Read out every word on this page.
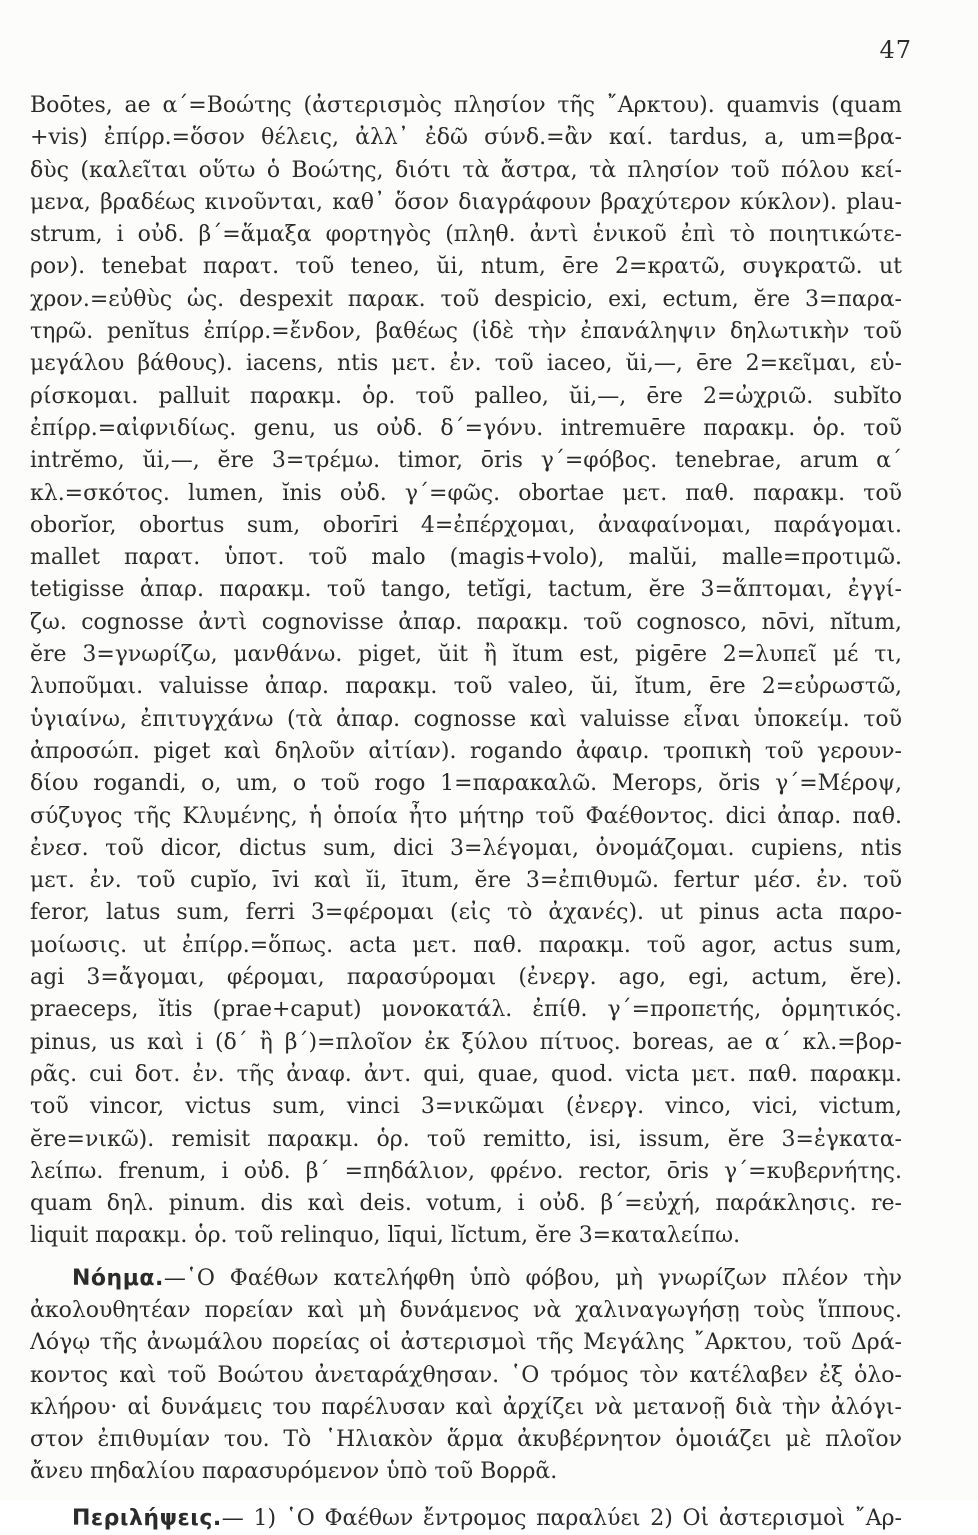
47
Boōtes, ae α΄=Βοώτης (ἀστερισμὸς πλησίον τῆς ῎Αρκτου). quamvis (quam
+vis) ἐπίρρ.=ὅσον θέλεις, ἀλλ᾽ ἐδῶ σύνδ.=ἂν καί. tardus, a, um=βρα-
δὺς (καλεῖται οὕτω ὁ Βοώτης, διότι τὰ ἄστρα, τὰ πλησίον τοῦ πόλου κεί-
μενα, βραδέως κινοῦνται, καθ᾽ ὅσον διαγράφουν βραχύτερον κύκλον). plau-
strum, i οὐδ. β΄=ἅμαξα φορτηγὸς (πληθ. ἀντὶ ἑνικοῦ ἐπὶ τὸ ποιητικώτε-
ρον). tenebat παρατ. τοῦ teneo, ŭi, ntum, ēre 2=κρατῶ, συγκρατῶ. ut
χρον.=εὐθὺς ὡς. despexit παρακ. τοῦ despicio, exi, ectum, ĕre 3=παρα-
τηρῶ. penĭtus ἐπίρρ.=ἔνδον, βαθέως (ἰδὲ τὴν ἐπανάληψιν δηλωτικὴν τοῦ
μεγάλου βάθους). iacens, ntis μετ. ἐν. τοῦ iaceo, ŭi,—, ēre 2=κεῖμαι, εὑ-
ρίσκομαι. palluit παρακμ. ὁρ. τοῦ palleo, ŭi,—, ēre 2=ὠχριῶ. subĭto
ἐπίρρ.=αἰφνιδίως. genu, us οὐδ. δ΄=γόνυ. intremuēre παρακμ. ὁρ. τοῦ
intrĕmo, ŭi,—, ĕre 3=τρέμω. timor, ōris γ΄=φόβος. tenebrae, arum α΄
κλ.=σκότος. lumen, ĭnis οὐδ. γ΄=φῶς. obortae μετ. παθ. παρακμ. τοῦ
oborĭor, obortus sum, oborīri 4=ἐπέρχομαι, ἀναφαίνομαι, παράγομαι.
mallet παρατ. ὑποτ. τοῦ malo (magis+volo), malŭi, malle=προτιμῶ.
tetigisse ἀπαρ. παρακμ. τοῦ tango, tetĭgi, tactum, ĕre 3=ἅπτομαι, ἐγγί-
ζω. cognosse ἀντὶ cognovisse ἀπαρ. παρακμ. τοῦ cognosco, nōvi, nĭtum,
ĕre 3=γνωρίζω, μανθάνω. piget, ŭit ἢ ĭtum est, pigēre 2=λυπεῖ μέ τι,
λυποῦμαι. valuisse ἀπαρ. παρακμ. τοῦ valeo, ŭi, ĭtum, ēre 2=εὐρωστῶ,
ὑγιαίνω, ἐπιτυγχάνω (τὰ ἀπαρ. cognosse καὶ valuisse εἶναι ὑποκείμ. τοῦ
ἀπροσώπ. piget καὶ δηλοῦν αἰτίαν). rogando ἀφαιρ. τροπικὴ τοῦ γερουν-
δίου rogandi, o, um, ο τοῦ rogo 1=παρακαλῶ. Merops, ŏris γ΄=Μέροψ,
σύζυγος τῆς Κλυμένης, ἡ ὁποία ἦτο μήτηρ τοῦ Φαέθοντος. dici ἀπαρ. παθ.
ἐνεσ. τοῦ dicor, dictus sum, dici 3=λέγομαι, ὀνομάζομαι. cupiens, ntis
μετ. ἐν. τοῦ cupĭo, īvi καὶ ĭi, ītum, ĕre 3=ἐπιθυμῶ. fertur μέσ. ἐν. τοῦ
feror, latus sum, ferri 3=φέρομαι (εἰς τὸ ἀχανές). ut pinus acta παρο-
μοίωσις. ut ἐπίρρ.=ὅπως. acta μετ. παθ. παρακμ. τοῦ agor, actus sum,
agi 3=ἄγομαι, φέρομαι, παρασύρομαι (ἐνεργ. ago, egi, actum, ĕre).
praeceps, ĭtis (prae+caput) μονοκατάλ. ἐπίθ. γ΄=προπετής, ὁρμητικός.
pinus, us καὶ i (δ΄ ἢ β΄)=πλοῖον ἐκ ξύλου πίτυος. boreas, ae α΄ κλ.=βορ-
ρᾶς. cui δοτ. ἐν. τῆς ἀναφ. ἀντ. qui, quae, quod. victa μετ. παθ. παρακμ.
τοῦ vincor, victus sum, vinci 3=νικῶμαι (ἐνεργ. vinco, vici, victum,
ĕre=νικῶ). remisit παρακμ. ὁρ. τοῦ remitto, isi, issum, ĕre 3=ἐγκατα-
λείπω. frenum, i οὐδ. β΄ =πηδάλιον, φρένο. rector, ōris γ΄=κυβερνήτης.
quam δηλ. pinum. dis καὶ deis. votum, i οὐδ. β΄=εὐχή, παράκλησις. re-
liquit παρακμ. ὁρ. τοῦ relinquo, līqui, lĭctum, ĕre 3=καταλείπω.
Νόημα.—῾Ο Φαέθων κατελήφθη ὑπὸ φόβου, μὴ γνωρίζων πλέον τὴν
ἀκολουθητέαν πορείαν καὶ μὴ δυνάμενος νὰ χαλιναγωγήσῃ τοὺς ἵππους.
Λόγῳ τῆς ἀνωμάλου πορείας οἱ ἀστερισμοὶ τῆς Μεγάλης ῎Αρκτου, τοῦ Δρά-
κοντος καὶ τοῦ Βοώτου ἀνεταράχθησαν. ῾Ο τρόμος τὸν κατέλαβεν ἐξ ὁλο-
κλήρου· αἱ δυνάμεις του παρέλυσαν καὶ ἀρχίζει νὰ μετανοῇ διὰ τὴν ἀλόγι-
στον ἐπιθυμίαν του. Τὸ ῾Ηλιακὸν ἅρμα ἀκυβέρνητον ὁμοιάζει μὲ πλοῖον
ἄνευ πηδαλίου παρασυρόμενον ὑπὸ τοῦ Βορρᾶ.
Περιλήψεις.— 1) ῾Ο Φαέθων ἔντρομος παραλύει 2) Οἱ ἀστερισμοὶ ῎Αρ-
